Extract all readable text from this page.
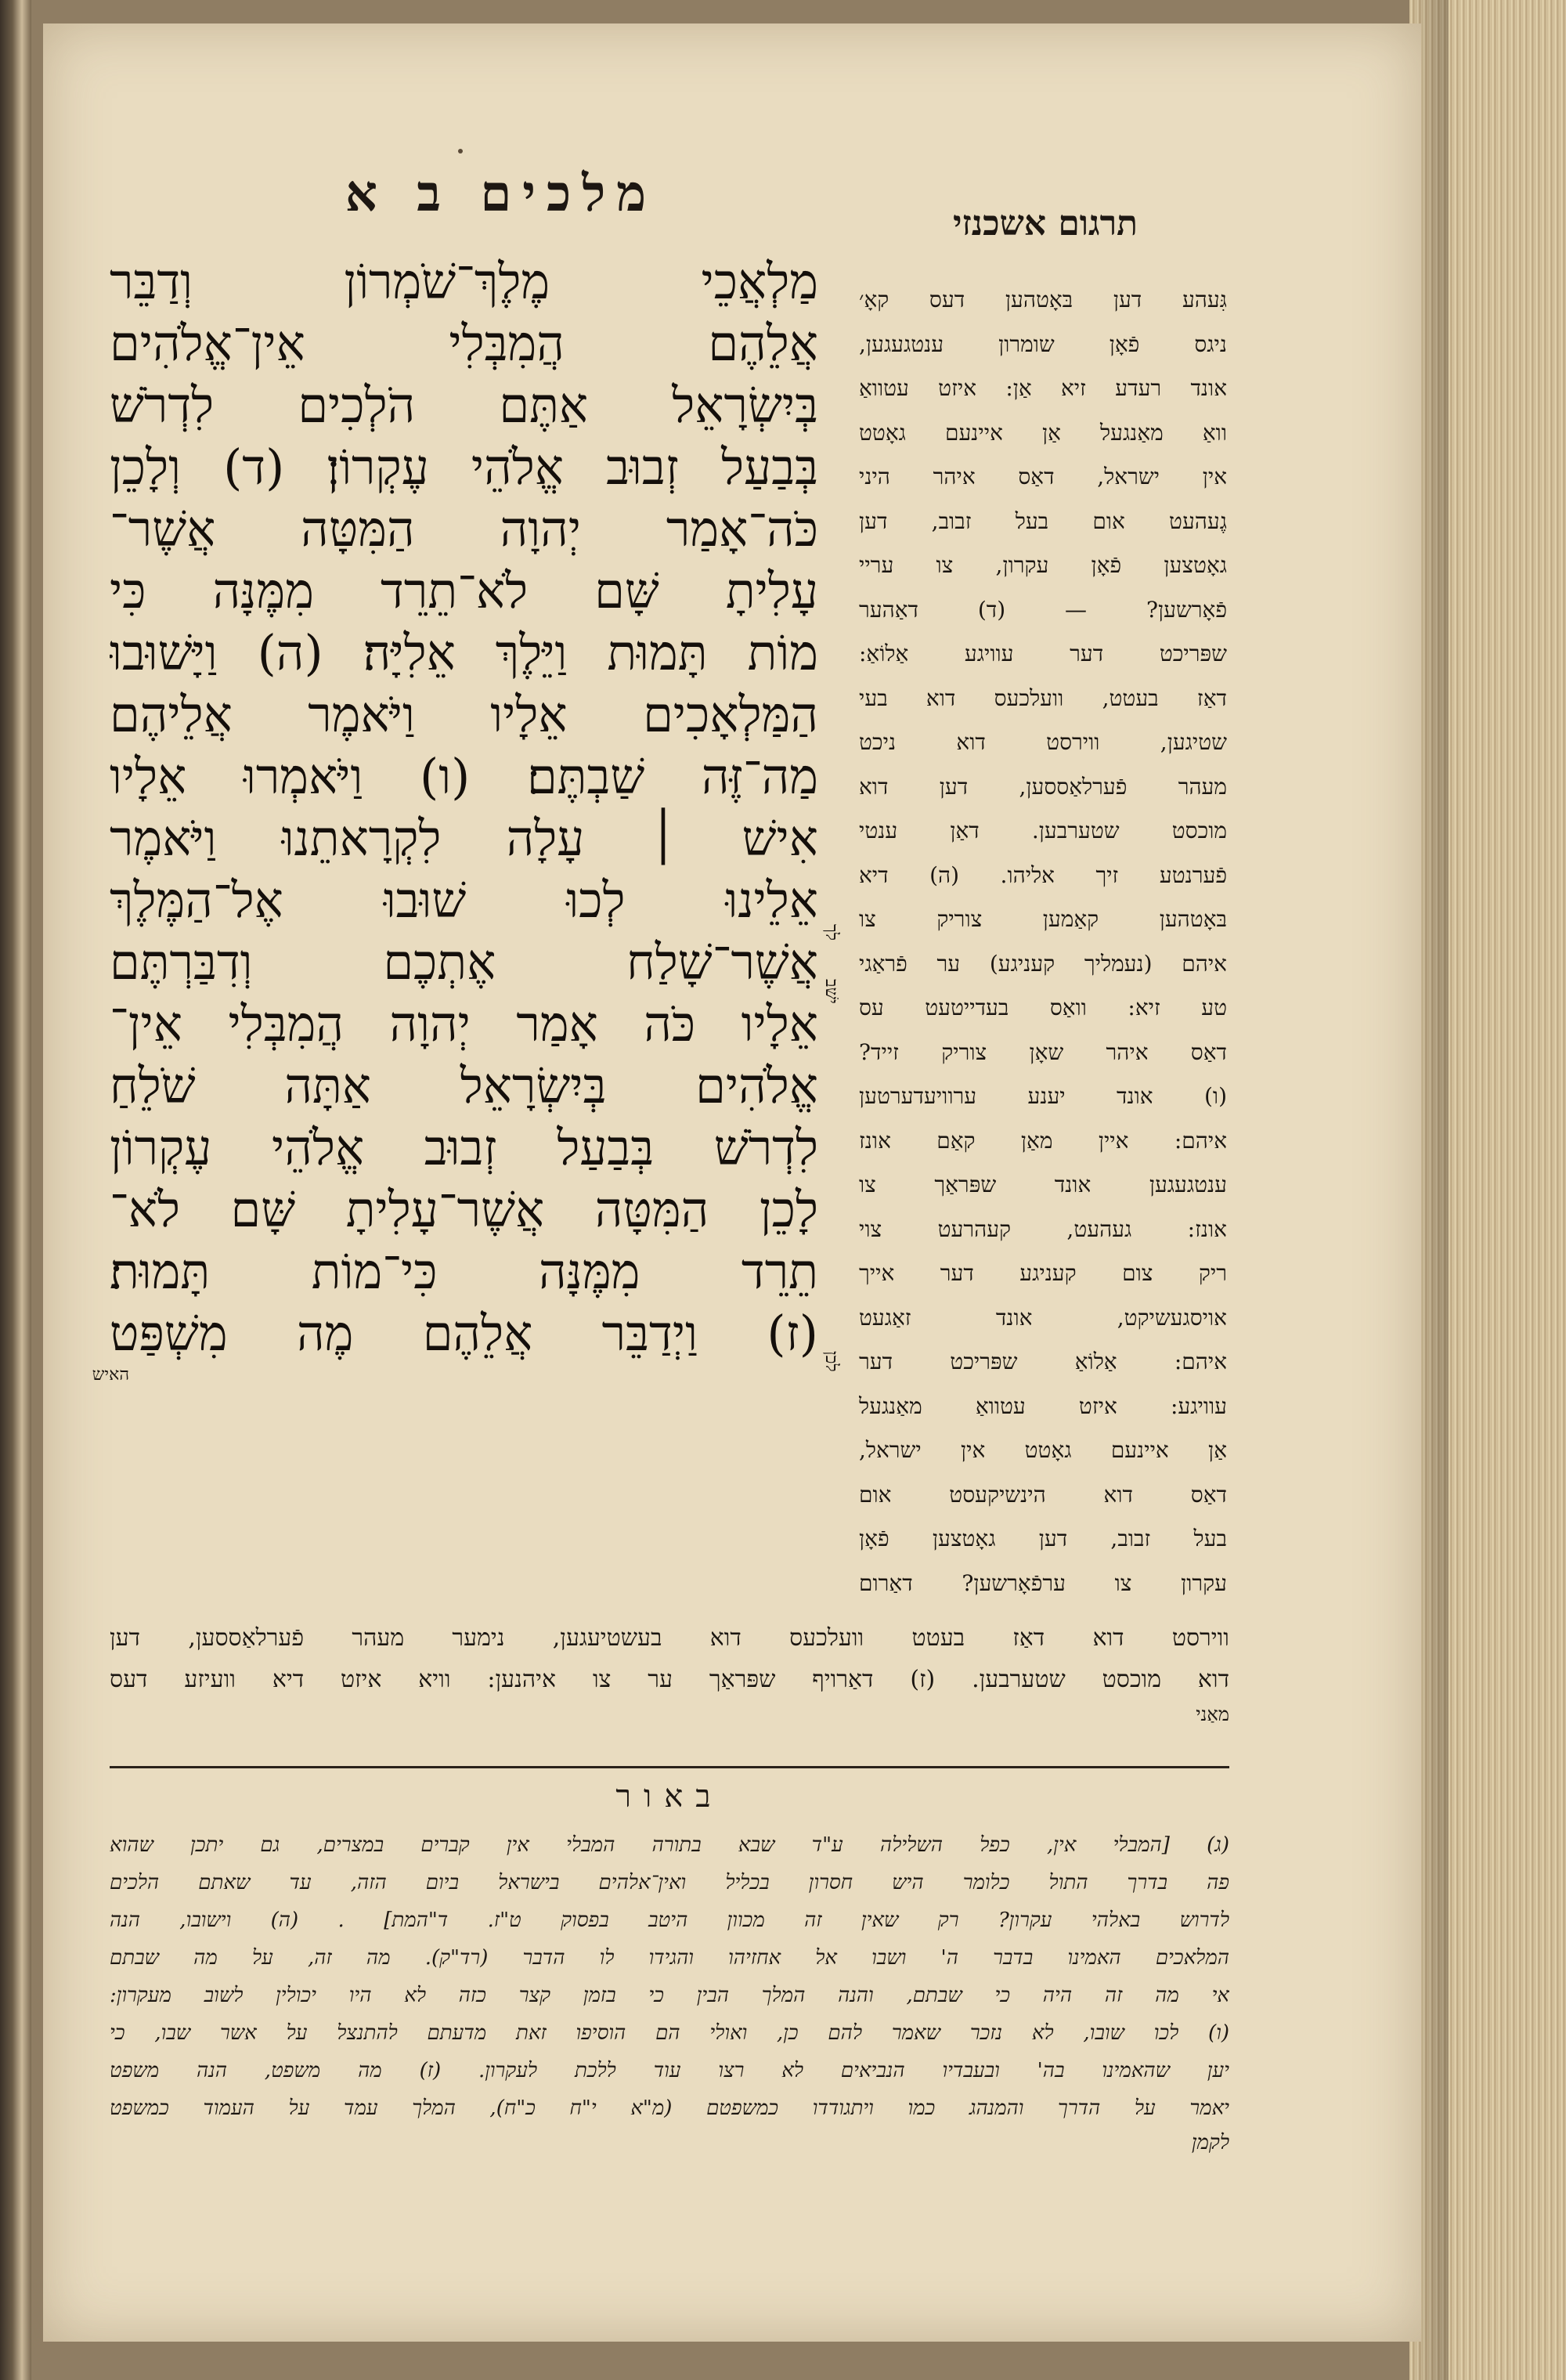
מלכים ב א
תרגום אשכנזי
מַלְאֲכֵי מֶלֶךְ־שֹׁמְרוֹן וְדַבֵּר
אֲלֵהֶם הֲמִבְּלִי אֵין־אֱלֹהִים
בְּיִשְׂרָאֵל אַתֶּם הֹלְכִים לִדְרֹשׁ
בְּבַעַל זְבוּב אֱלֹהֵי עֶקְרוֹן׃ (ד) וְלָכֵן
כֹּה־אָמַר יְהוָה הַמִּטָּה אֲשֶׁר־
עָלִיתָ שָּׁם לֹא־תֵרֵד מִמֶּנָּה כִּי
מוֹת תָּמוּת וַיֵּלֶךְ אֵלִיָּה׃ (ה) וַיָּשׁוּבוּ
הַמַּלְאָכִים אֵלָיו וַיֹּאמֶר אֲלֵיהֶם
מַה־זֶּה שַׁבְתֶּם׃ (ו) וַיֹּאמְרוּ אֵלָיו
אִישׁ ׀ עָלָה לִקְרָאתֵנוּ וַיֹּאמֶר
אֵלֵינוּ לְכוּ שׁוּבוּ אֶל־הַמֶּלֶךְ
אֲשֶׁר־שָׁלַח אֶתְכֶם וְדִבַּרְתֶּם
אֵלָיו כֹּה אָמַר יְהוָה הֲמִבְּלִי אֵין־
אֱלֹהִים בְּיִשְׂרָאֵל אַתָּה שֹׁלֵחַ
לִדְרֹשׁ בְּבַעַל זְבוּב אֱלֹהֵי עֶקְרוֹן
לָכֵן הַמִּטָּה אֲשֶׁר־עָלִיתָ שָּׁם לֹא־
תֵרֵד מִמֶּנָּה כִּי־מוֹת תָּמוּת׃
(ז) וַיְדַבֵּר אֲלֵהֶם מֶה מִשְׁפַּט
האיש
לך
ישׁב
לכן
גִּעהע דען בּאָטהען דעס קאָ׳
ניגס פֿאָן שומרון ענטגעגען,
אונד רעדע זיא אַן: איזט עטוואַ
וואַ מאַנגעל אַן איינעם גאָטט
אין ישראל, דאַס איהר היני
גֶעהעט אום בעל זבוב, דען
גאָטצען פֿאָן עקרון, צו עריי
פֿאָרשען? — (ד) דאַהער
שפּריכט דער עוויגע אַלוֹאַ:
דאַז בעטט, וועלכעס דוא בעי
שטיגען, ווירסט דוא ניכט
מעהר פֿערלאַססען, דען דוא
מוכסט שטערבען. דאַן ענטי
פֿערנטע זיך אליהו. (ה) דיא
בּאָטהען קאַמען צוריק צו
איהם (נעמליך קעניגע) ער פֿראַגי
טע זיא: וואַס בעדייטעט עס
דאַס איהר שאָן צוריק זייד?
(ו) אונד יענע ערוויעדערטען
איהם: איין מאַן קאַם אונז
ענטגעגען אונד שפּראַך צו
אונז: געהעט, קעהרעט צוי
ריק צום קעניגע דער אייך
אויסגעשיקט, אונד זאַגעט
איהם: אַלוֹאַ שפּריכט דער
עוויגע: איזט עטוואַ מאַנגעל
אַן איינעם גאָטט אין ישראל,
דאַס דוא הינשיקעסט אום
בעל זבוב, דען גאָטצען פֿאָן
עקרון צו ערפֿאָרשען? דאַרום
ווירסט דוא דאַז בעטט וועלכעס דוא בעשטיעגען, נימער מעהר פֿערלאַססען, דען
דוא מוכסט שטערבען. (ז) דאַרויף שפּראַך ער צו איהנען: וויא איזט דיא וועיזע דעס
מאַני
באור
(ג) [המבלי אין, כפל השלילה ע"ד שבא בתורה המבלי אין קברים במצרים, גם יתכן שהוא
פה בדרך התול כלומר היש חסרון בכליל ואין־אלהים בישראל ביום הזה, עד שאתם הלכים
לדרוש באלהי עקרון? רק שאין זה מכוון היטב בפסוק ט"ז. ד"המת] . (ה) וישובו, הנה
המלאכים האמינו בדבר ה' ושבו אל אחזיהו והגידו לו הדבר (רד"ק). מה זה, על מה שבתם
אי מה זה היה כי שבתם, והנה המלך הבין כי בזמן קצר כזה לא היו יכולין לשוב מעקרון:
(ו) לכו שובו, לא נזכר שאמר להם כן, ואולי הם הוסיפו זאת מדעתם להתנצל על אשר שבו, כי
יען שהאמינו בה' ובעבדיו הנביאים לא רצו עוד ללכת לעקרון. (ז) מה משפט, הנה משפט
יאמר על הדרך והמנהג כמו ויתגודדו כמשפטם (מ"א י"ח כ"ח), המלך עמד על העמוד כמשפט
לקמן
